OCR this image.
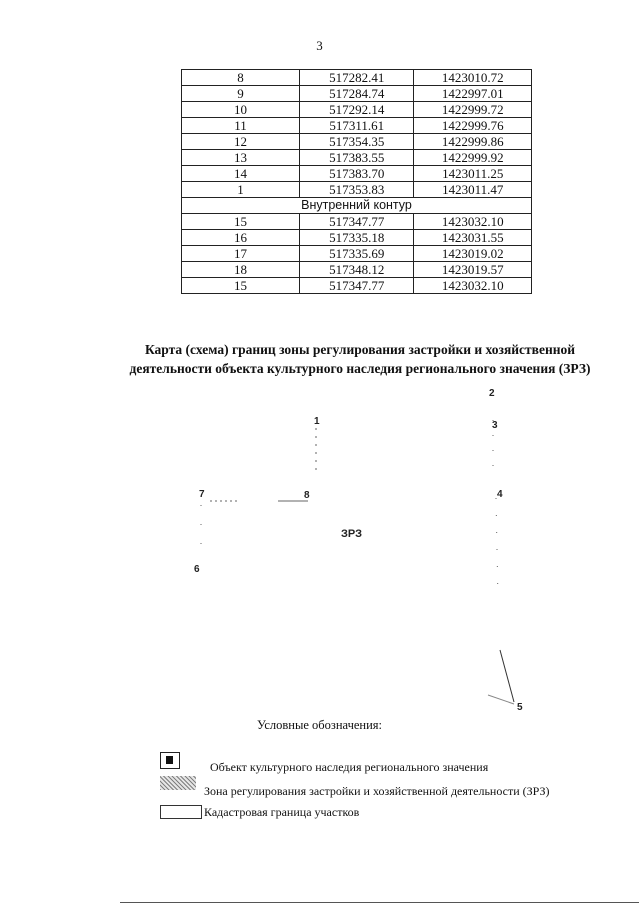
3
8	517282.41	1423010.72
9	517284.74	1422997.01
10	517292.14	1422999.72
11	517311.61	1422999.76
12	517354.35	1422999.86
13	517383.55	1422999.92
14	517383.70	1423011.25
1	517353.83	1423011.47
Внутренний контур		
15	517347.77	1423032.10
16	517335.18	1423031.55
17	517335.69	1423019.02
18	517348.12	1423019.57
15	517347.77	1423032.10
Карта (схема) границ зоны регулирования застройки и хозяйственной
деятельности объекта культурного наследия регионального значения (ЗРЗ)
1
2
3
4
5
6
7	8
ЗРЗ
Условные обозначения:
Объект культурного наследия регионального значения
Зона регулирования застройки и хозяйственной деятельности (ЗРЗ)
Кадастровая граница участков
